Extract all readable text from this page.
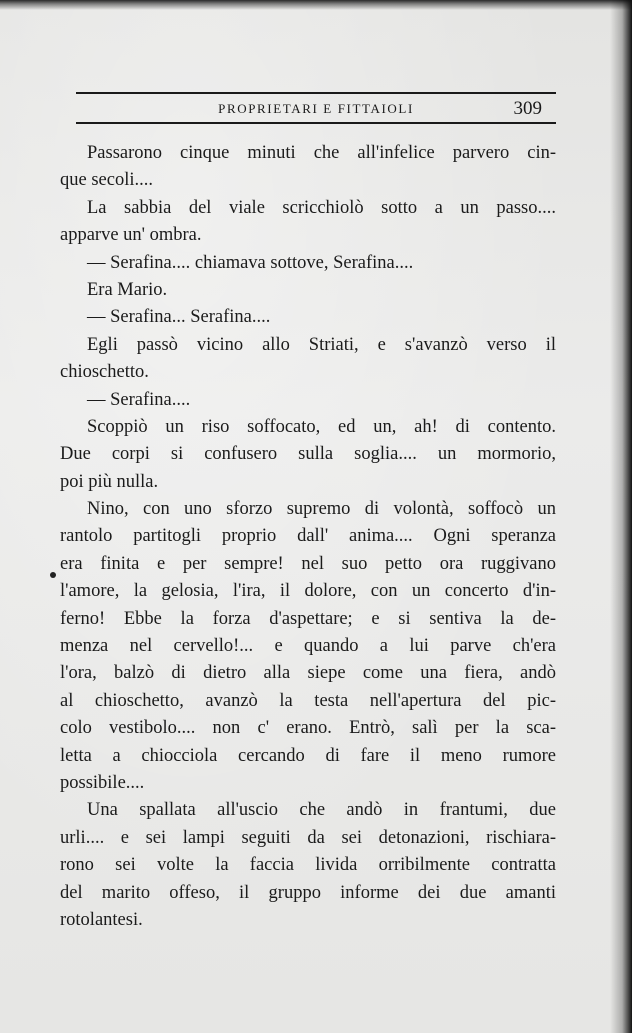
PROPRIETARI E FITTAIOLI	309
Passarono cinque minuti che all'infelice parvero cin-
que secoli....
La sabbia del viale scricchiolò sotto a un passo....
apparve un' ombra.
— Serafina.... chiamava sottove, Serafina....
Era Mario.
— Serafina... Serafina....
Egli passò vicino allo Striati, e s'avanzò verso il
chioschetto.
— Serafina....
Scoppiò un riso soffocato, ed un, ah! di contento.
Due corpi si confusero sulla soglia.... un mormorio,
poi più nulla.
Nino, con uno sforzo supremo di volontà, soffocò un
rantolo partitogli proprio dall' anima.... Ogni speranza
era finita e per sempre! nel suo petto ora ruggivano
l'amore, la gelosia, l'ira, il dolore, con un concerto d'in-
ferno! Ebbe la forza d'aspettare; e si sentiva la de-
menza nel cervello!... e quando a lui parve ch'era
l'ora, balzò di dietro alla siepe come una fiera, andò
al chioschetto, avanzò la testa nell'apertura del pic-
colo vestibolo.... non c' erano. Entrò, salì per la sca-
letta a chiocciola cercando di fare il meno rumore
possibile....
Una spallata all'uscio che andò in frantumi, due
urli.... e sei lampi seguiti da sei detonazioni, rischiara-
rono sei volte la faccia livida orribilmente contratta
del marito offeso, il gruppo informe dei due amanti
rotolantesi.
